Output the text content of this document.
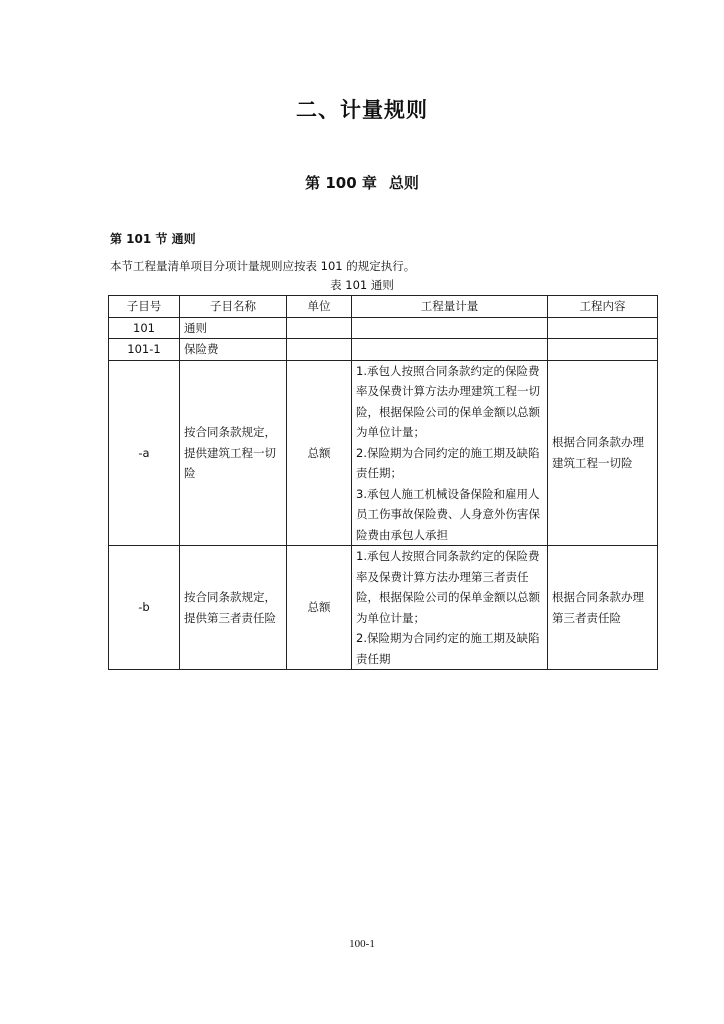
二、计量规则
第 100 章 总则
第 101 节 通则
本节工程量清单项目分项计量规则应按表 101 的规定执行。
表 101 通则
子目号	子目名称	单位	工程量计量	工程内容
101	通则			
101-1	保险费			
-a	按合同条款规定，提供建筑工程一切险	总额	1.承包人按照合同条款约定的保险费率及保费计算方法办理建筑工程一切险，根据保险公司的保单金额以总额为单位计量；
2.保险期为合同约定的施工期及缺陷责任期；
3.承包人施工机械设备保险和雇用人员工伤事故保险费、人身意外伤害保险费由承包人承担	根据合同条款办理建筑工程一切险
-b	按合同条款规定，提供第三者责任险	总额	1.承包人按照合同条款约定的保险费率及保费计算方法办理第三者责任险，根据保险公司的保单金额以总额为单位计量；
2.保险期为合同约定的施工期及缺陷责任期	根据合同条款办理第三者责任险
100-1
